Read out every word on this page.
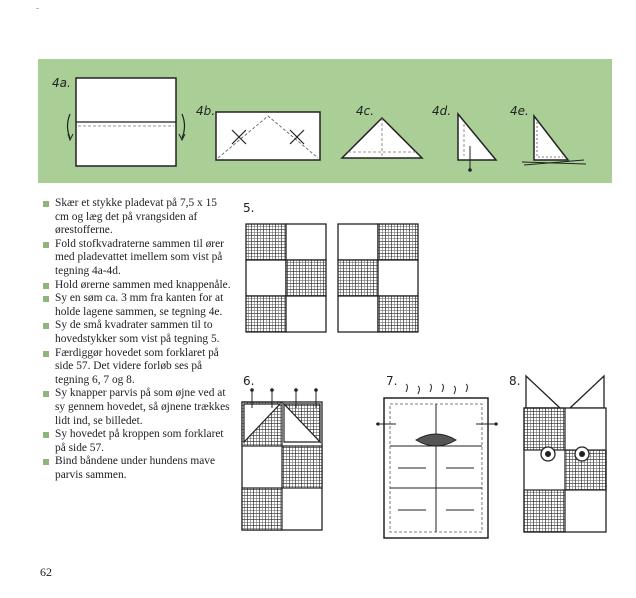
4a.
4b.	4c.	4d.	4e.
Skær et stykke pladevat på 7,5 x 15 cm og læg det på vrangsiden af ørestofferne.
Fold stofkvadraterne sammen til ører med pladevattet imellem som vist på tegning 4a-4d.
Hold ørerne sammen med knappenåle.
Sy en søm ca. 3 mm fra kanten for at holde lagene sammen, se tegning 4e.
Sy de små kvadrater sammen til to hovedstykker som vist på tegning 5.
Færdiggør hovedet som forklaret på side 57. Det videre forløb ses på tegning 6, 7 og 8.
Sy knapper parvis på som øjne ved at sy gennem hovedet, så øjnene trækkes lidt ind, se billedet.
Sy hovedet på kroppen som forklaret på side 57.
Bind båndene under hundens mave parvis sammen.
5.
6.	7.	8.
62
